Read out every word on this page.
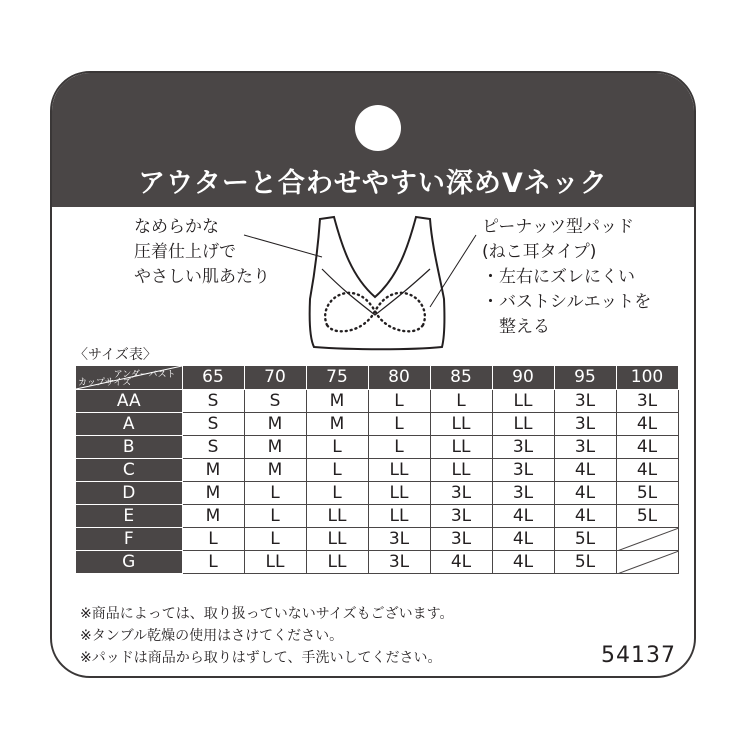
アウターと合わせやすい深めVネック
なめらかな
圧着仕上げで
やさしい肌あたり
ピーナッツ型パッド
(ねこ耳タイプ)
・左右にズレにくい
・バストシルエットを
　整える
〈サイズ表〉
アンダーバスト
カップサイズ	65	70	75	80	85	90	95	100
AA	S	S	M	L	L	LL	3L	3L
A	S	M	M	L	LL	LL	3L	4L
B	S	M	L	L	LL	3L	3L	4L
C	M	M	L	LL	LL	3L	4L	4L
D	M	L	L	LL	3L	3L	4L	5L
E	M	L	LL	LL	3L	4L	4L	5L
F	L	L	LL	3L	3L	4L	5L	

G	L	LL	LL	3L	4L	4L	5L	
※商品によっては、取り扱っていないサイズもございます。
※タンブル乾燥の使用はさけてください。
※パッドは商品から取りはずして、手洗いしてください。	54137
